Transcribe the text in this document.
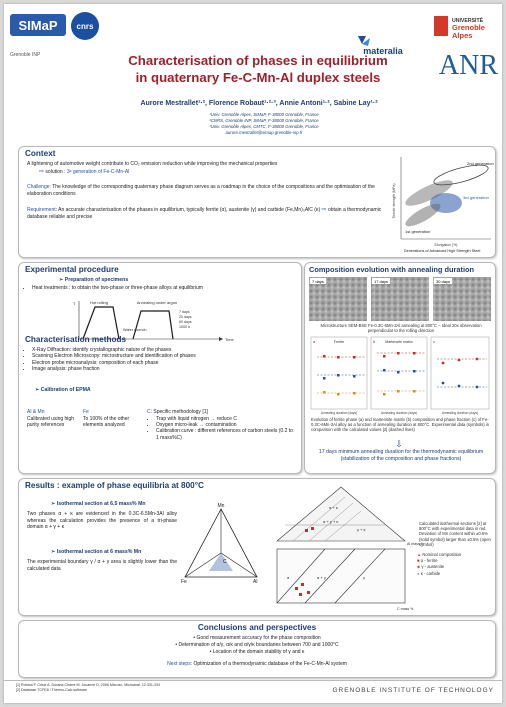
SIMaP cnrs
Grenoble INP	materalia
UNIVERSITÉ
Grenoble
Alpes
ANR
Characterisation of phases in equilibrium
in quaternary Fe-C-Mn-Al duplex steels
Aurore Mestrallet¹·², Florence Robaut¹·²·³, Annie Antoni¹·², Sabine Lay¹·²
¹Univ. Grenoble Alpes, SIMaP, F-38000 Grenoble, France
²CNRS, Grenoble INP, SIMaP, F-38000 Grenoble, France
³Univ. Grenoble Alpes, CMTC, F-38000 Grenoble, France
aurore.mestrallet@simap.grenoble-inp.fr
Context
A lightening of automotive weight contribute to CO₂ emission reduction while improving the mechanical properties
⇨ solution : 3ᵉ generation of Fe-C-Mn-Al
Challenge: The knowledge of the corresponding quaternary phase diagram serves as a roadmap in the choice of the compositions and the optimisation of the elaboration conditions
Requirement: An accurate characterisation of the phases in equilibrium, typically ferrite (α), austenite (γ) and carbide (Fe,Mn)₃AlC (κ) ⇨ obtain a thermodynamic database reliable and precise
2nd generation
3rd generation
1st generation
Elongation (%)
Tensile strength (MPa)
Generations of Advanced High Strength Steel
Experimental procedure
➢ Preparation of specimens
• Heat treatments : to obtain the two-phase or three-phase alloys at equilibrium
Hot rolling	Annealing under argon
Water quench
7 days
20 days
60 days
1000 h
Time
T
Characterisation methods
• X-Ray Diffraction: identify crystallographic nature of the phases
• Scanning Electron Microscopy: microstructure and identification of phases
• Electron probe microanalysis: composition of each phase
• Image analysis: phase fraction
➢ Calibration of EPMA
Al & Mn
Calibrated using high purity references
Fe
To 100% of the other elements analyzed
C: Specific methodology [1]
• Trap with liquid nitrogen → reduce C
• Oxygen micro-leak → contamination
• Calibration curve : different references of carbon steels (0.2 to 1 mass%C)
Composition evolution with annealing duration
7 days	17 days	30 days
Microstructure SEM-BSE Fe-0.3C-6Mn-3Al annealing at 800°C – Ideal 20x observation perpendicular to the rolling direction
a	Ferrite	b	Martensite matrix	c
Annealing duration (days)	Annealing duration (days)	Annealing duration (days)
Evolution of ferrite phase (a) and martensite matrix (b) composition and phase fraction (c) of Fe-0.3C-6Mn-3Al alloy as a function of annealing duration at 800°C. Experimental data (symbols) in comparison with the calculated values [2] (dashed lines)
⇩
17 days minimum annealing duration for the thermodynamic equilibrium (stabilization of the composition and phase fractions)
Results : example of phase equilibria at 800°C
➢ Isothermal section at 6.5 mass% Mn
Two phases α + κ are evidenced in the 0.3C-6.5Mn-3Al alloy whereas the calculation provides the presence of a tri-phase domain α + γ + κ
➢ Isothermal section at 6 mass% Mn
The experimental boundary γ / α + γ area is slightly lower than the calculated data
Mn
Fe	Al
C
α + κ
α + γ + κ
γ + κ
Al mass %
α	α + γ	γ
C mass %
Calculated isothermal sections [2] at 800°C with experimental data in red. Deviation of Mn content within ±0.5% (solid symbol) larger than ±0.5% (open symbol)
▲ Nominal composition
■ α - ferrite
◆ γ - austenite
● κ - carbide
Conclusions and perspectives
• Good measurement accuracy for the phase composition
• Determination of α/γ, α/κ and α/γ/κ boundaries between 700 and 1000°C
• Location of the domain stability of γ and κ
Next steps: Optimization of a thermodynamic database of the Fe-C-Mn-Al system
[1] Robaut F. Crisci A. Durand-Charre M. Jouanne D. 2006 Microsc. Microanal. 12:331-334
[2] Database TCFE8 / Thermo-Calc software	GRENOBLE INSTITUTE OF TECHNOLOGY
